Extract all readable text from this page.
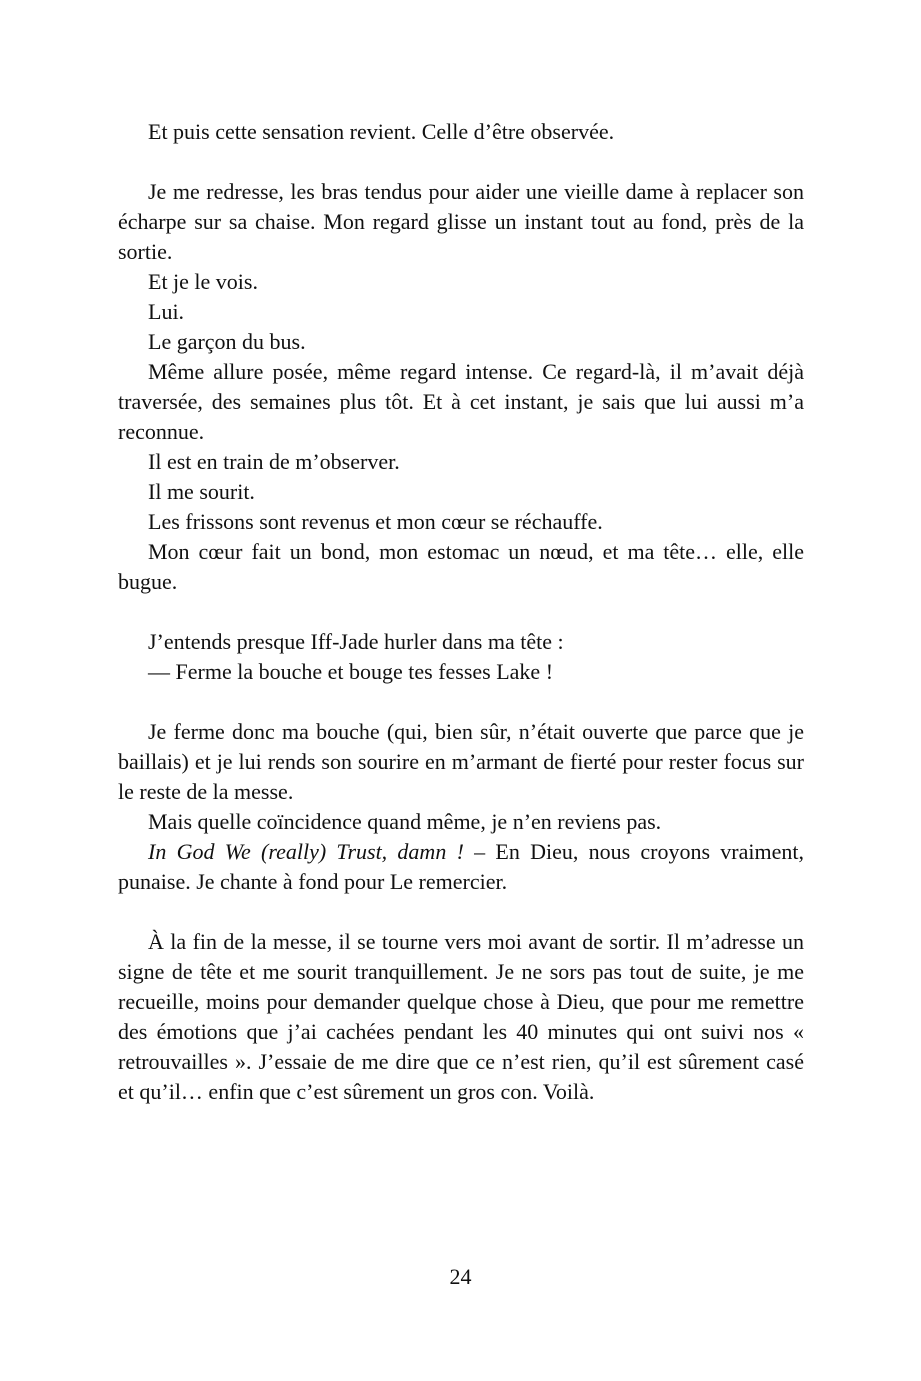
Et puis cette sensation revient. Celle d’être observée.

Je me redresse, les bras tendus pour aider une vieille dame à replacer son écharpe sur sa chaise. Mon regard glisse un instant tout au fond, près de la sortie.

Et je le vois.

Lui.

Le garçon du bus.

Même allure posée, même regard intense. Ce regard-là, il m’avait déjà traversée, des semaines plus tôt. Et à cet instant, je sais que lui aussi m’a reconnue.

Il est en train de m’observer.

Il me sourit.

Les frissons sont revenus et mon cœur se réchauffe.

Mon cœur fait un bond, mon estomac un nœud, et ma tête… elle, elle bugue.

J’entends presque Iff-Jade hurler dans ma tête :

— Ferme la bouche et bouge tes fesses Lake !

Je ferme donc ma bouche (qui, bien sûr, n’était ouverte que parce que je baillais) et je lui rends son sourire en m’armant de fierté pour rester focus sur le reste de la messe.

Mais quelle coïncidence quand même, je n’en reviens pas.

In God We (really) Trust, damn ! – En Dieu, nous croyons vraiment, punaise. Je chante à fond pour Le remercier.

À la fin de la messe, il se tourne vers moi avant de sortir. Il m’adresse un signe de tête et me sourit tranquillement. Je ne sors pas tout de suite, je me recueille, moins pour demander quelque chose à Dieu, que pour me remettre des émotions que j’ai cachées pendant les 40 minutes qui ont suivi nos « retrouvailles ». J’essaie de me dire que ce n’est rien, qu’il est sûrement casé et qu’il… enfin que c’est sûrement un gros con. Voilà.

24
